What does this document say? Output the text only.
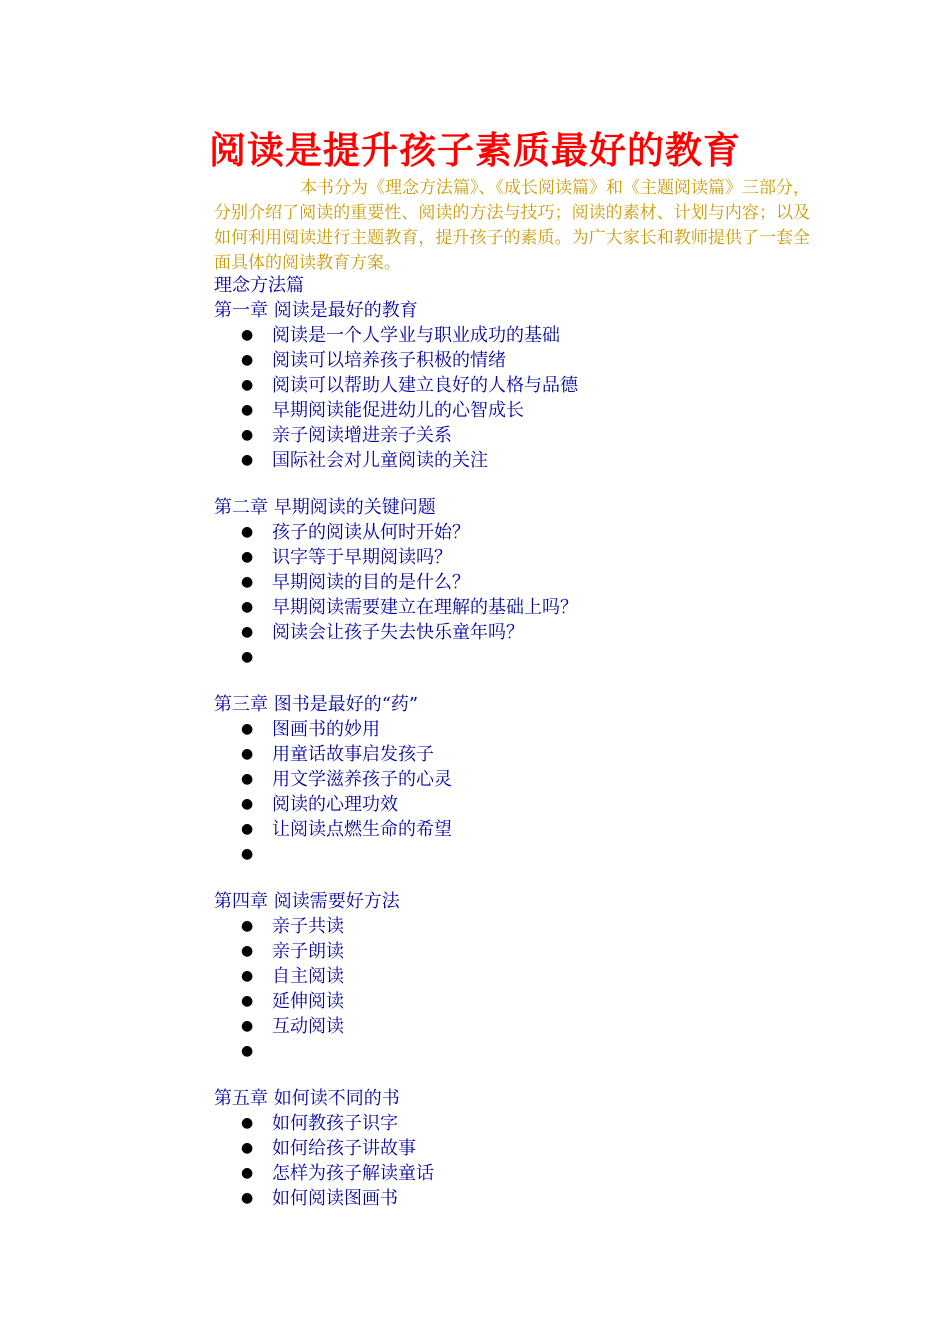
阅读是提升孩子素质最好的教育
本书分为《理念方法篇》、《成长阅读篇》和《主题阅读篇》三部分，分别介绍了阅读的重要性、阅读的方法与技巧；阅读的素材、计划与内容；以及如何利用阅读进行主题教育，提升孩子的素质。为广大家长和教师提供了一套全面具体的阅读教育方案。
理念方法篇
第一章 阅读是最好的教育
● 阅读是一个人学业与职业成功的基础
● 阅读可以培养孩子积极的情绪
● 阅读可以帮助人建立良好的人格与品德
● 早期阅读能促进幼儿的心智成长
● 亲子阅读增进亲子关系
● 国际社会对儿童阅读的关注
第二章 早期阅读的关键问题
● 孩子的阅读从何时开始？
● 识字等于早期阅读吗？
● 早期阅读的目的是什么？
● 早期阅读需要建立在理解的基础上吗？
● 阅读会让孩子失去快乐童年吗？
●
第三章 图书是最好的“药”
● 图画书的妙用
● 用童话故事启发孩子
● 用文学滋养孩子的心灵
● 阅读的心理功效
● 让阅读点燃生命的希望
●
第四章 阅读需要好方法
● 亲子共读
● 亲子朗读
● 自主阅读
● 延伸阅读
● 互动阅读
●
第五章 如何读不同的书
● 如何教孩子识字
● 如何给孩子讲故事
● 怎样为孩子解读童话
● 如何阅读图画书
